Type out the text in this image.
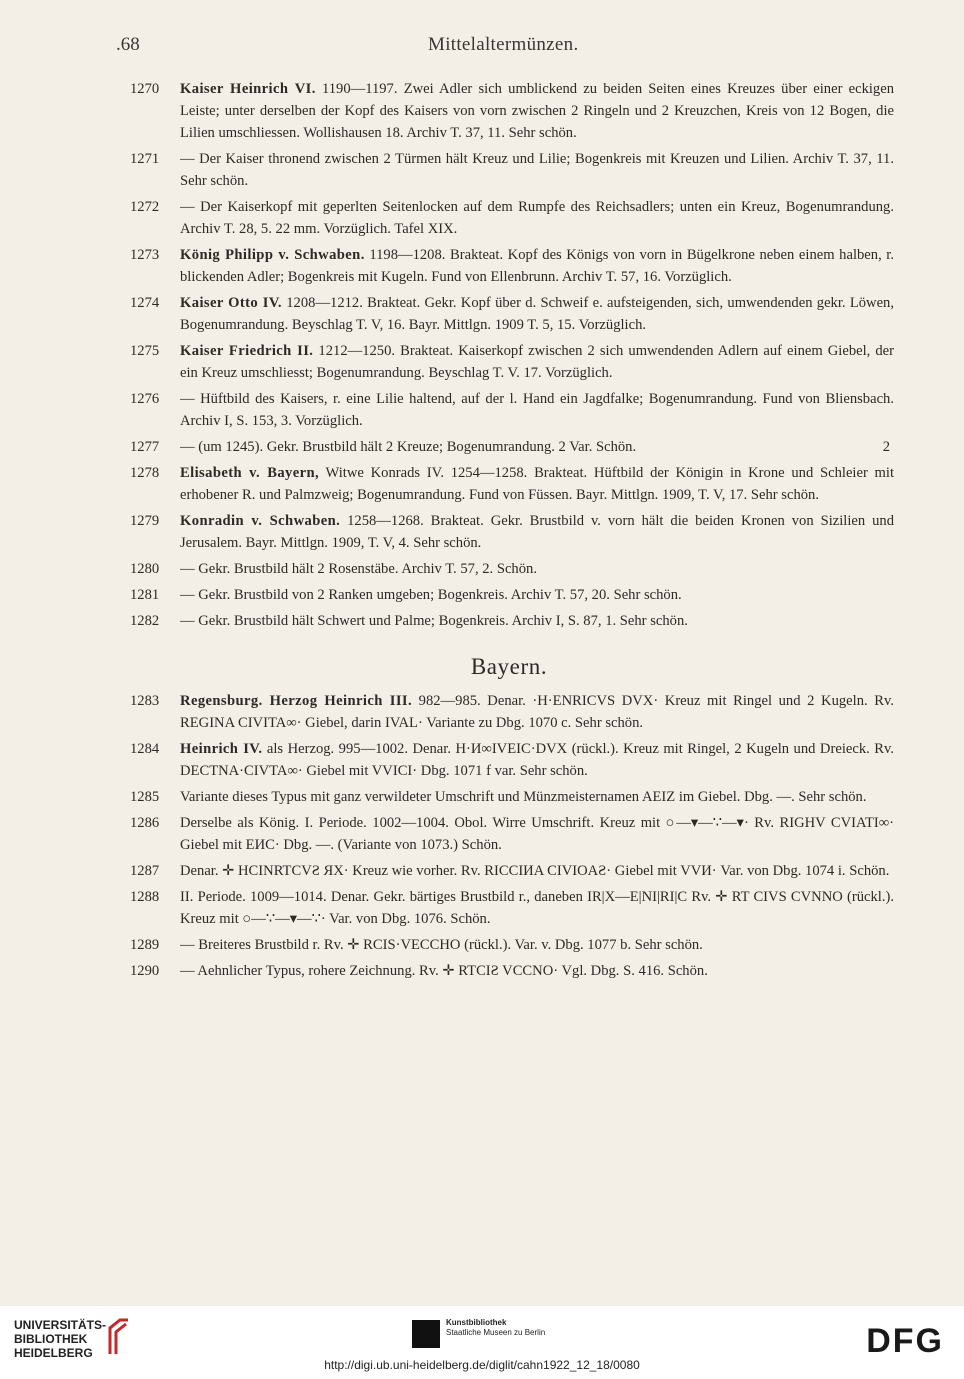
.68	Mittelaltermünzen.
1270	Kaiser Heinrich VI. 1190—1197. Zwei Adler sich umblickend zu beiden Seiten eines Kreuzes über einer eckigen Leiste; unter derselben der Kopf des Kaisers von vorn zwischen 2 Ringeln und 2 Kreuzchen, Kreis von 12 Bogen, die Lilien umschliessen. Wollishausen 18. Archiv T. 37, 11. Sehr schön.
1271	— Der Kaiser thronend zwischen 2 Türmen hält Kreuz und Lilie; Bogenkreis mit Kreuzen und Lilien. Archiv T. 37, 11. Sehr schön.
1272	— Der Kaiserkopf mit geperlten Seitenlocken auf dem Rumpfe des Reichsadlers; unten ein Kreuz, Bogenumrandung. Archiv T. 28, 5. 22 mm. Vorzüglich. Tafel XIX.
1273	König Philipp v. Schwaben. 1198—1208. Brakteat. Kopf des Königs von vorn in Bügelkrone neben einem halben, r. blickenden Adler; Bogenkreis mit Kugeln. Fund von Ellenbrunn. Archiv T. 57, 16. Vorzüglich.
1274	Kaiser Otto IV. 1208—1212. Brakteat. Gekr. Kopf über d. Schweif e. aufsteigenden, sich, umwendenden gekr. Löwen, Bogenumrandung. Beyschlag T. V, 16. Bayr. Mittlgn. 1909 T. 5, 15. Vorzüglich.
1275	Kaiser Friedrich II. 1212—1250. Brakteat. Kaiserkopf zwischen 2 sich umwendenden Adlern auf einem Giebel, der ein Kreuz umschliesst; Bogenumrandung. Beyschlag T. V. 17. Vorzüglich.
1276	— Hüftbild des Kaisers, r. eine Lilie haltend, auf der l. Hand ein Jagdfalke; Bogenumrandung. Fund von Bliensbach. Archiv I, S. 153, 3. Vorzüglich.
1277	— (um 1245). Gekr. Brustbild hält 2 Kreuze; Bogenumrandung. 2 Var. Schön.	2
1278	Elisabeth v. Bayern, Witwe Konrads IV. 1254—1258. Brakteat. Hüftbild der Königin in Krone und Schleier mit erhobener R. und Palmzweig; Bogenumrandung. Fund von Füssen. Bayr. Mittlgn. 1909, T. V, 17. Sehr schön.
1279	Konradin v. Schwaben. 1258—1268. Brakteat. Gekr. Brustbild v. vorn hält die beiden Kronen von Sizilien und Jerusalem. Bayr. Mittlgn. 1909, T. V, 4. Sehr schön.
1280	— Gekr. Brustbild hält 2 Rosenstäbe. Archiv T. 57, 2. Schön.
1281	— Gekr. Brustbild von 2 Ranken umgeben; Bogenkreis. Archiv T. 57, 20. Sehr schön.
1282	— Gekr. Brustbild hält Schwert und Palme; Bogenkreis. Archiv I, S. 87, 1. Sehr schön.
Bayern.
1283	Regensburg. Herzog Heinrich III. 982—985. Denar. ·H·ENRICVS DVX· Kreuz mit Ringel und 2 Kugeln. Rv. REGINA CIVITA∞· Giebel, darin IVAL· Variante zu Dbg. 1070 c. Sehr schön.
1284	Heinrich IV. als Herzog. 995—1002. Denar. H·И∞IVEIC·DVX (rückl.). Kreuz mit Ringel, 2 Kugeln und Dreieck. Rv. DECTNA·CIVTA∞· Giebel mit VVICI· Dbg. 1071 f var. Sehr schön.
1285	Variante dieses Typus mit ganz verwildeter Umschrift und Münzmeisternamen AEIZ im Giebel. Dbg. —. Sehr schön.
1286	Derselbe als König. I. Periode. 1002—1004. Obol. Wirre Umschrift. Kreuz mit ○—▾—∵—▾· Rv. RIGHV CVIATI∞· Giebel mit EИC· Dbg. —. (Variante von 1073.) Schön.
1287	Denar. ✛ HCINRTCVƧ ЯX· Kreuz wie vorher. Rv. RICCIИA CIVIOAƧ· Giebel mit VVИ· Var. von Dbg. 1074 i. Schön.
1288	II. Periode. 1009—1014. Denar. Gekr. bärtiges Brustbild r., daneben IR|X—E|NI|RI|C Rv. ✛ RT CIVS CVNNO (rückl.). Kreuz mit ○—∵—▾—∵· Var. von Dbg. 1076. Schön.
1289	— Breiteres Brustbild r. Rv. ✛ RCIS·VECCHO (rückl.). Var. v. Dbg. 1077 b. Sehr schön.
1290	— Aehnlicher Typus, rohere Zeichnung. Rv. ✛ RTCIƧ VCCNO· Vgl. Dbg. S. 416. Schön.
UNIVERSITÄTS-
BIBLIOTHEK
HEIDELBERG
Kunstbibliothek
Staatliche Museen zu Berlin	DFG
http://digi.ub.uni-heidelberg.de/diglit/cahn1922_12_18/0080
